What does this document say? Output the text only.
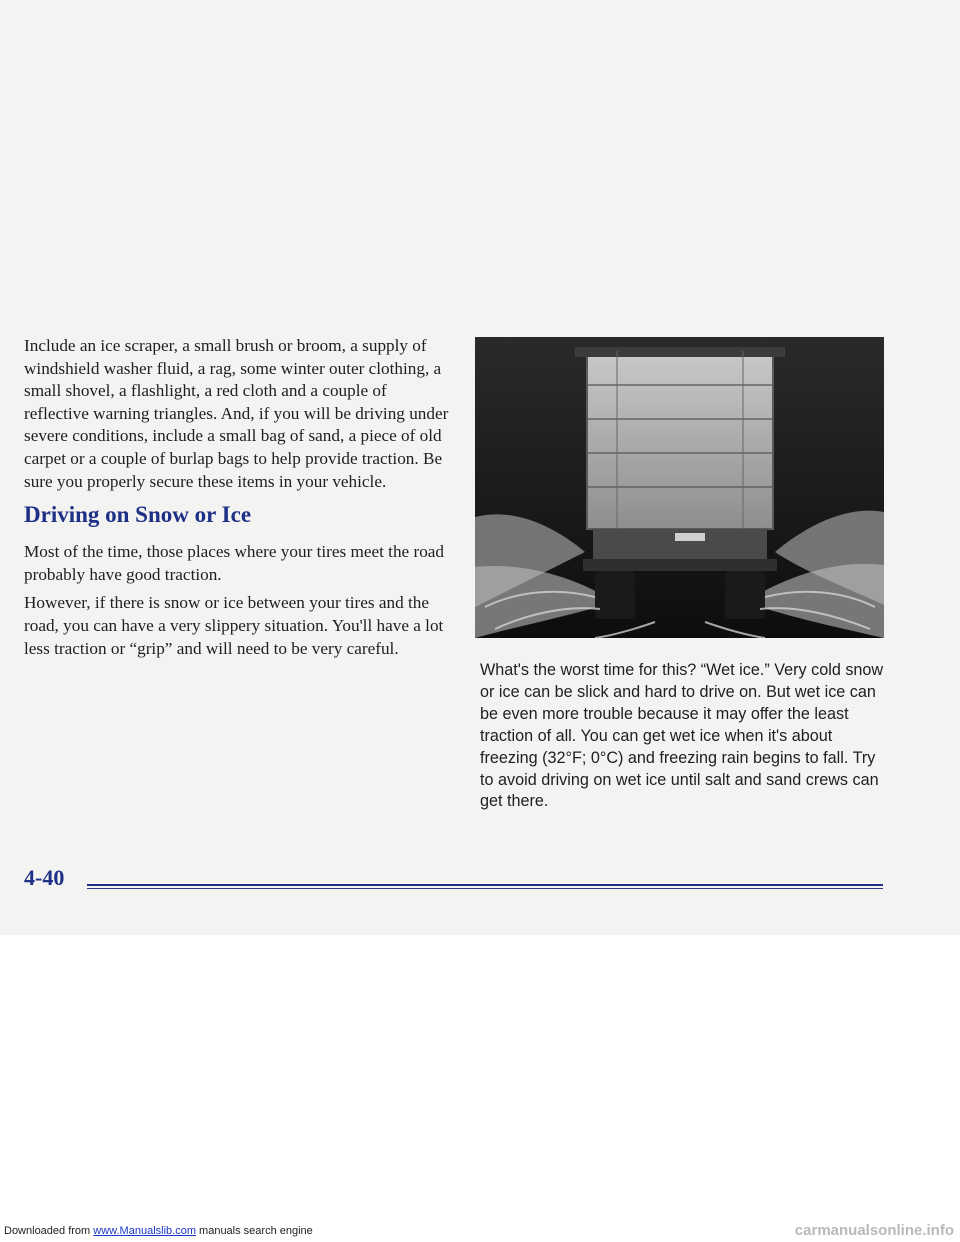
Include an ice scraper, a small brush or broom, a supply of windshield washer fluid, a rag, some winter outer clothing, a small shovel, a flashlight, a red cloth and a couple of reflective warning triangles. And, if you will be driving under severe conditions, include a small bag of sand, a piece of old carpet or a couple of burlap bags to help provide traction. Be sure you properly secure these items in your vehicle.

Driving on Snow or Ice

Most of the time, those places where your tires meet the road probably have good traction.

However, if there is snow or ice between your tires and the road, you can have a very slippery situation. You'll have a lot less traction or “grip” and will need to be very careful.

What's the worst time for this? “Wet ice.” Very cold snow or ice can be slick and hard to drive on. But wet ice can be even more trouble because it may offer the least traction of all. You can get wet ice when it's about freezing (32°F; 0°C) and freezing rain begins to fall. Try to avoid driving on wet ice until salt and sand crews can get there.

4-40
Downloaded from www.Manualslib.com manuals search engine	carmanualsonline.info
